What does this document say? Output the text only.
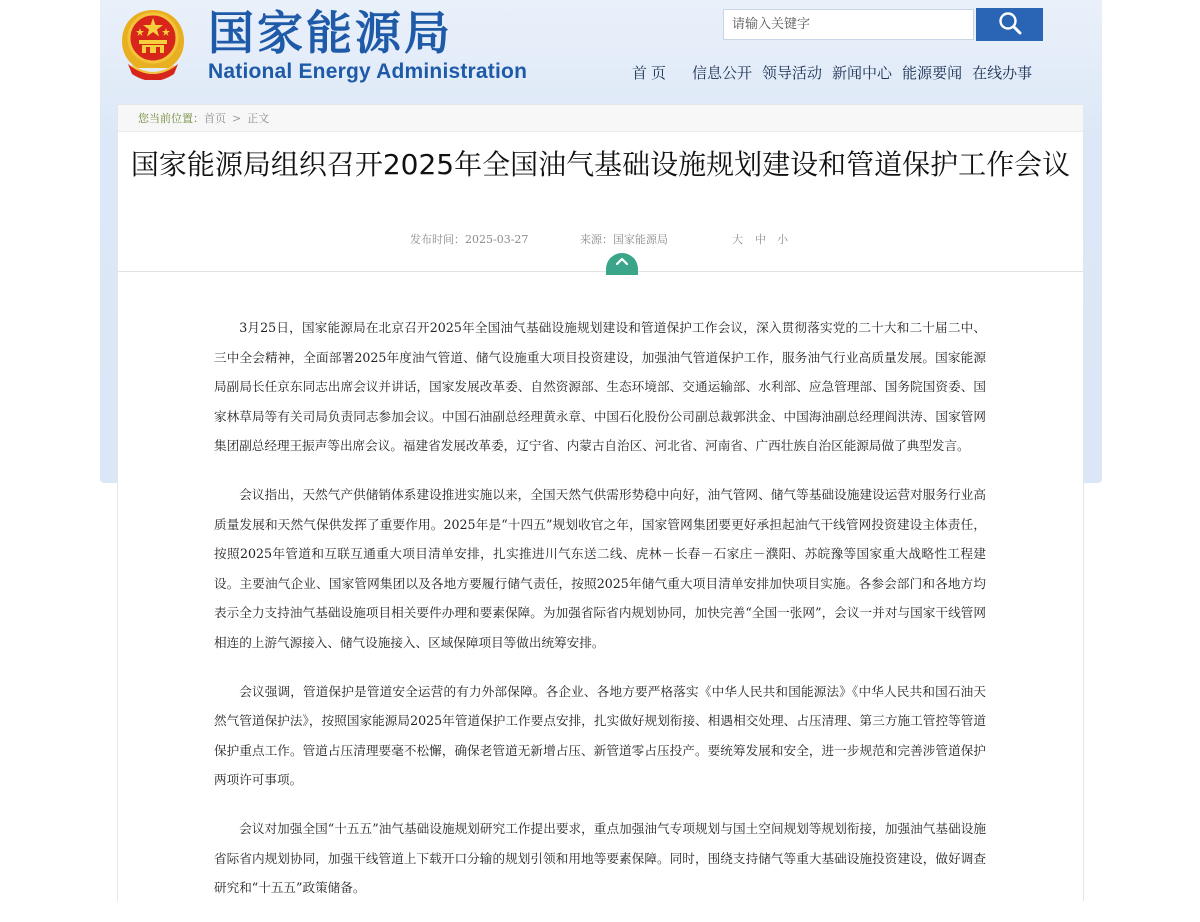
国家能源局
National Energy Administration
请输入关键字	首页 信息公开 领导活动 新闻中心 能源要闻 在线办事
您当前位置： 首页 > 正文
国家能源局组织召开2025年全国油气基础设施规划建设和管道保护工作会议
发布时间：2025-03-27	来源：国家能源局	大 中 小

3月25日，国家能源局在北京召开2025年全国油气基础设施规划建设和管道保护工作会议，深入贯彻落实党的二十大和二十届二中、三中全会精神，全面部署2025年度油气管道、储气设施重大项目投资建设，加强油气管道保护工作，服务油气行业高质量发展。国家能源局副局长任京东同志出席会议并讲话，国家发展改革委、自然资源部、生态环境部、交通运输部、水利部、应急管理部、国务院国资委、国家林草局等有关司局负责同志参加会议。中国石油副总经理黄永章、中国石化股份公司副总裁郭洪金、中国海油副总经理阎洪涛、国家管网集团副总经理王振声等出席会议。福建省发展改革委，辽宁省、内蒙古自治区、河北省、河南省、广西壮族自治区能源局做了典型发言。

会议指出，天然气产供储销体系建设推进实施以来，全国天然气供需形势稳中向好，油气管网、储气等基础设施建设运营对服务行业高质量发展和天然气保供发挥了重要作用。2025年是“十四五”规划收官之年，国家管网集团要更好承担起油气干线管网投资建设主体责任，按照2025年管道和互联互通重大项目清单安排，扎实推进川气东送二线、虎林－长春－石家庄－濮阳、苏皖豫等国家重大战略性工程建设。主要油气企业、国家管网集团以及各地方要履行储气责任，按照2025年储气重大项目清单安排加快项目实施。各参会部门和各地方均表示全力支持油气基础设施项目相关要件办理和要素保障。为加强省际省内规划协同，加快完善“全国一张网”，会议一并对与国家干线管网相连的上游气源接入、储气设施接入、区域保障项目等做出统筹安排。

会议强调，管道保护是管道安全运营的有力外部保障。各企业、各地方要严格落实《中华人民共和国能源法》《中华人民共和国石油天然气管道保护法》，按照国家能源局2025年管道保护工作要点安排，扎实做好规划衔接、相遇相交处理、占压清理、第三方施工管控等管道保护重点工作。管道占压清理要毫不松懈，确保老管道无新增占压、新管道零占压投产。要统筹发展和安全，进一步规范和完善涉管道保护两项许可事项。

会议对加强全国“十五五”油气基础设施规划研究工作提出要求，重点加强油气专项规划与国土空间规划等规划衔接，加强油气基础设施省际省内规划协同，加强干线管道上下载开口分输的规划引领和用地等要素保障。同时，围绕支持储气等重大基础设施投资建设，做好调查研究和“十五五”政策储备。
